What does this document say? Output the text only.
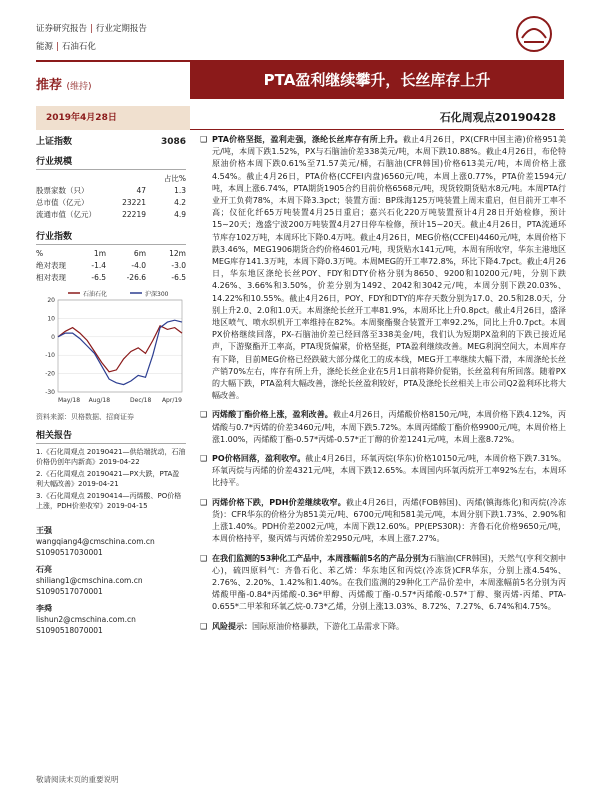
证券研究报告 | 行业定期报告
能源 | 石油石化
推荐 (维持)	PTA盈利继续攀升，长丝库存上升
2019年4月28日	石化周观点20190428
上证指数	3086
行业规模
占比%
股票家数（只）	47	1.3
总市值（亿元）	23221	4.2
流通市值（亿元）	22219	4.9
行业指数
%	1m	6m	12m
绝对表现	-1.4	-4.0	-3.0
相对表现	-6.5	-26.6	-6.5
石油石化	沪深300
20
10
0
-10
-20
-30
May/18 Aug/18	Dec/18 Apr/19
资料来源：贝格数据、招商证券
相关报告
1.《石化周观点 20190421—供给端扰动，石油价格仍创年内新高》2019-04-22
2.《石化周观点 20190421—PX大跌，PTA盈利大幅改善》2019-04-21
3.《石化周观点 20190414—丙烯酸、PO价格上涨，PDH价差收窄》2019-04-15
王强
wangqiang4@cmschina.com.cn
S1090517030001
石亮
shiliang1@cmschina.com.cn
S1090517070001
李舜
lishun2@cmschina.com.cn
S1090518070001
❑ PTA价格坚挺，盈利走强，涤纶长丝库存有所上升。截止4月26日，PX(CFR中国主港)价格951美元/吨，本周下跌1.52%，PX与石脑油价差338美元/吨，本周下跌10.88%。截止4月26日，布伦特原油价格本周下跌0.61%至71.57美元/桶，石脑油(CFR韩国)价格613美元/吨，本周价格上涨4.54%。截止4月26日，PTA价格(CCFEI内盘)6560元/吨，本周上涨0.77%，PTA价差1594元/吨，本周上涨6.74%，PTA期货1905合约目前价格6568元/吨，现货较期货贴水8元/吨。本周PTA行业开工负荷78%，本周下降3.3pct；装置方面：BP珠海125万吨装置上周末重启，但目前开工率不高；仪征化纤65万吨装置4月25日重启；嘉兴石化220万吨装置预计4月28日开始检修，预计15~20天；逸盛宁波200万吨装置4月27日停车检修，预计15~20天。截止4月26日，PTA流通环节库存102万吨，本周环比下降0.4万吨。截止4月26日，MEG价格(CCFEI)4460元/吨，本周价格下跌3.46%，MEG1906期货合约价格4601元/吨，现货贴水141元/吨，本周有所收窄，华东主港地区MEG库存141.3万吨，本周下降0.3万吨。本周MEG的开工率72.8%，环比下降4.7pct。截止4月26日，华东地区涤纶长丝POY、FDY和DTY价格分别为8650、9200和10200元/吨，分别下跌4.26%、3.66%和3.50%，价差分别为1492、2042和3042元/吨，本周分别下跌20.03%、14.22%和10.55%。截止4月26日，POY、FDY和DTY的库存天数分别为17.0、20.5和28.0天，分别上升2.0、2.0和1.0天。本周涤纶长丝开工率81.9%，本周环比上升0.8pct。截止4月26日，盛泽地区喷气、喷水织机开工率维持在82%。本周聚酯聚合装置开工率92.2%，同比上升0.7pct。本周PX价格继续回落，PX-石脑油价差已经回落至338美金/吨，我们认为短期PX盈利的下跌已接近尾声，下游聚酯开工率高，PTA现货偏紧，价格坚挺，PTA盈利继续改善。MEG利润空间大，本周库存有下降，目前MEG价格已经跌破大部分煤化工的成本线，MEG开工率继续大幅下滑，本周涤纶长丝产销70%左右，库存有所上升，涤纶长丝企业在5月1日前将降价促销，长丝盈利有所回落。随着PX的大幅下跌，PTA盈利大幅改善，涤纶长丝盈利较好，PTA及涤纶长丝相关上市公司Q2盈利环比将大幅改善。
❑ 丙烯酸丁酯价格上涨，盈利改善。截止4月26日，丙烯酸价格8150元/吨，本周价格下跌4.12%，丙烯酸与0.7*丙烯的价差3460元/吨，本周下跌5.72%。本周丙烯酸丁酯价格9900元/吨，本周价格上涨1.00%，丙烯酸丁酯-0.57*丙烯-0.57*正丁醇的价差1241元/吨，本周上涨8.72%。
❑ PO价格回落，盈利收窄。截止4月26日，环氧丙烷(华东)价格10150元/吨，本周价格下跌7.31%。环氧丙烷与丙烯的价差4321元/吨，本周下跌12.65%。本周国内环氧丙烷开工率92%左右，本周环比持平。
❑ 丙烯价格下跌，PDH价差继续收窄。截止4月26日，丙烯(FOB韩国)、丙烯(镇海炼化)和丙烷(冷冻货)：CFR华东的价格分为851美元/吨、6700元/吨和581美元/吨，本周分别下跌1.73%、2.90%和上涨1.40%。PDH价差2002元/吨，本周下跌12.60%。PP(EPS30R)：齐鲁石化价格9650元/吨，本周价格持平，聚丙烯与丙烯价差2950元/吨，本周上涨7.27%。
❑ 在我们监测的53种化工产品中，本周涨幅前5名的产品分别为石脑油(CFR韩国)，天然气(亨利交割中心)，硫四原料气：齐鲁石化、苯乙烯：华东地区和丙烷(冷冻货)CFR华东，分别上涨4.54%、2.76%、2.20%、1.42%和1.40%。在我们监测的29种化工产品价差中，本周涨幅前5名分别为丙烯酸甲酯-0.84*丙烯酸-0.36*甲醇、丙烯酸丁酯-0.57*丙烯酸-0.57*丁醇、聚丙烯-丙烯、PTA-0.655*二甲苯和环氧乙烷-0.73*乙烯，分别上涨13.03%、8.72%、7.27%、6.74%和4.75%。
❑ 风险提示：国际原油价格暴跌，下游化工品需求下降。
敬请阅读末页的重要说明
